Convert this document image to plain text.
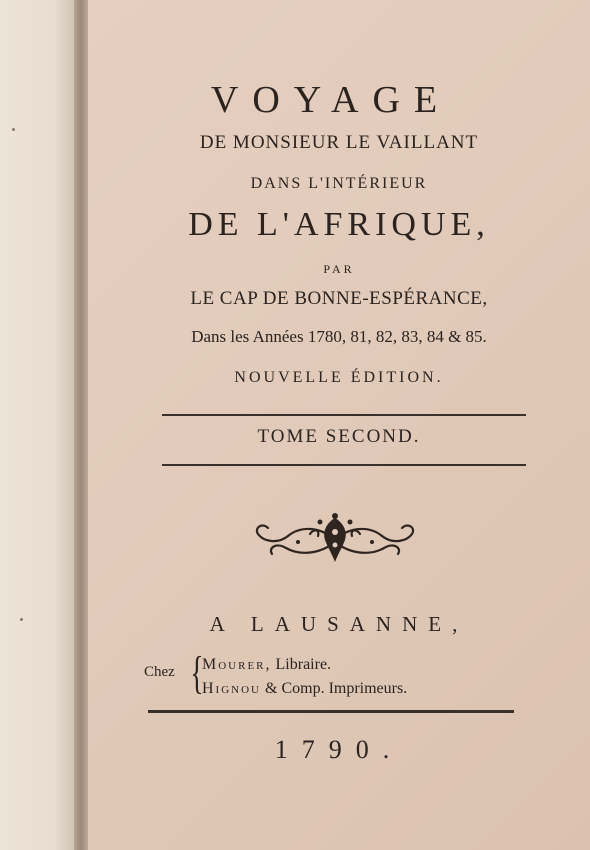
VOYAGE
DE MONSIEUR LE VAILLANT
DANS L'INTÉRIEUR
DE L'AFRIQUE,
PAR
LE CAP DE BONNE-ESPÉRANCE,
Dans les Années 1780, 81, 82, 83, 84 & 85.
NOUVELLE ÉDITION.
TOME SECOND.
A LAUSANNE,
Chez {
Mourer, Libraire.
Hignou & Comp. Imprimeurs.
1790.
